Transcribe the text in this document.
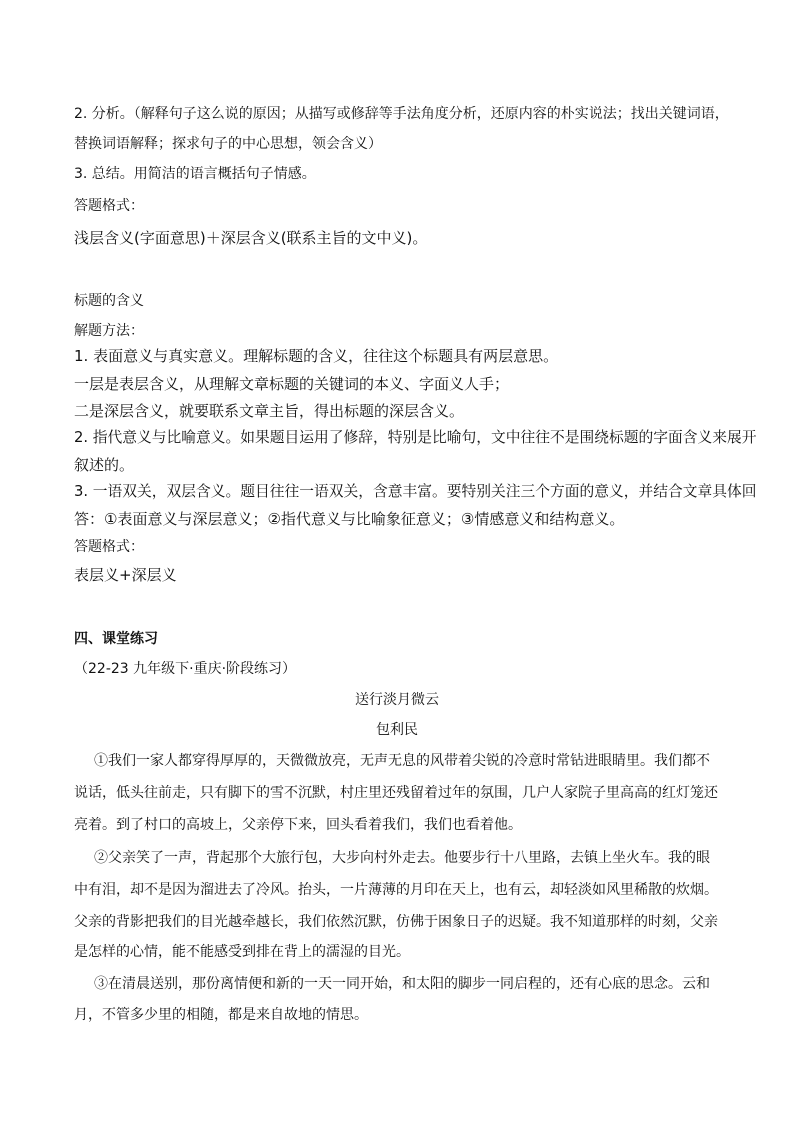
2. 分析。（解释句子这么说的原因；从描写或修辞等手法角度分析，还原内容的朴实说法；找出关键词语，

替换词语解释；探求句子的中心思想，领会含义）

3. 总结。用简洁的语言概括句子情感。

答题格式：

浅层含义(字面意思)＋深层含义(联系主旨的文中义)。

标题的含义

解题方法：

1. 表面意义与真实意义。理解标题的含义，往往这个标题具有两层意思。

一层是表层含义，从理解文章标题的关键词的本义、字面义人手；

二是深层含义，就要联系文章主旨，得出标题的深层含义。

2. 指代意义与比喻意义。如果题目运用了修辞，特别是比喻句，文中往往不是围绕标题的字面含义来展开

叙述的。

3. 一语双关，双层含义。题目往往一语双关，含意丰富。要特别关注三个方面的意义，并结合文章具体回

答：①表面意义与深层意义；②指代意义与比喻象征意义；③情感意义和结构意义。

答题格式：

表层义+深层义

四、课堂练习

（22-23 九年级下·重庆·阶段练习）

送行淡月微云

包利民

①我们一家人都穿得厚厚的，天微微放亮，无声无息的风带着尖锐的冷意时常钻进眼睛里。我们都不

说话，低头往前走，只有脚下的雪不沉默，村庄里还残留着过年的氛围，几户人家院子里高高的红灯笼还

亮着。到了村口的高坡上，父亲停下来，回头看着我们，我们也看着他。

②父亲笑了一声，背起那个大旅行包，大步向村外走去。他要步行十八里路，去镇上坐火车。我的眼

中有泪，却不是因为溜进去了冷风。抬头，一片薄薄的月印在天上，也有云，却轻淡如风里稀散的炊烟。

父亲的背影把我们的目光越牵越长，我们依然沉默，仿佛于困象日子的迟疑。我不知道那样的时刻，父亲

是怎样的心情，能不能感受到排在背上的濡湿的目光。

③在清晨送别，那份离情便和新的一天一同开始，和太阳的脚步一同启程的，还有心底的思念。云和

月，不管多少里的相随，都是来自故地的情思。
